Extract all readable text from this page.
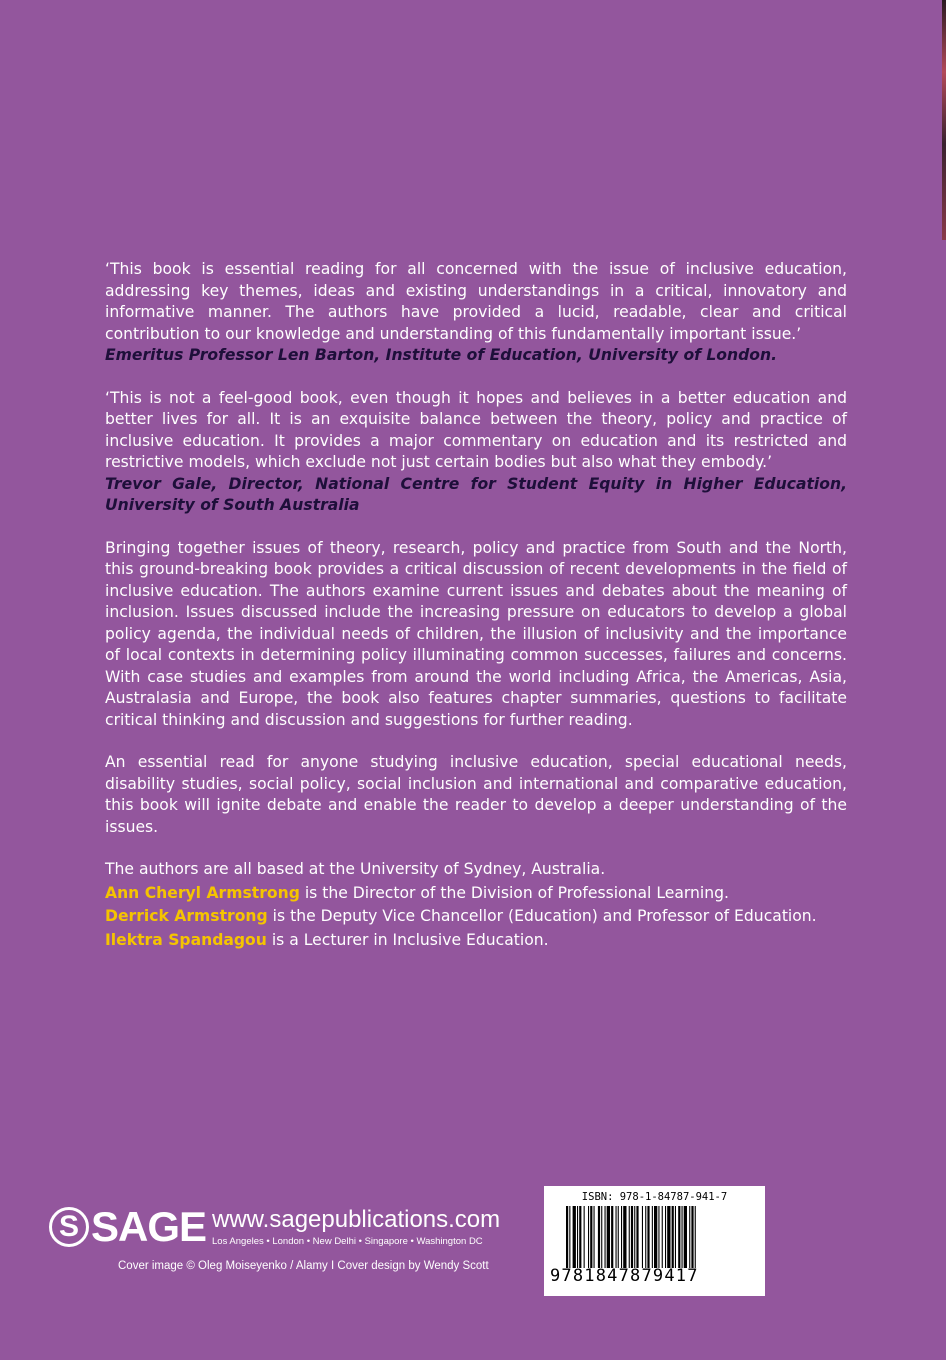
‘This book is essential reading for all concerned with the issue of inclusive education, addressing key themes, ideas and existing understandings in a critical, innovatory and informative manner. The authors have provided a lucid, readable, clear and critical contribution to our knowledge and understanding of this fundamentally important issue.’

Emeritus Professor Len Barton, Institute of Education, University of London.

‘This is not a feel-good book, even though it hopes and believes in a better education and better lives for all. It is an exquisite balance between the theory, policy and practice of inclusive education. It provides a major commentary on education and its restricted and restrictive models, which exclude not just certain bodies but also what they embody.’

Trevor Gale, Director, National Centre for Student Equity in Higher Education, University of South Australia

Bringing together issues of theory, research, policy and practice from South and the North, this ground-breaking book provides a critical discussion of recent developments in the field of inclusive education. The authors examine current issues and debates about the meaning of inclusion. Issues discussed include the increasing pressure on educators to develop a global policy agenda, the individual needs of children, the illusion of inclusivity and the importance of local contexts in determining policy illuminating common successes, failures and concerns. With case studies and examples from around the world including Africa, the Americas, Asia, Australasia and Europe, the book also features chapter summaries, questions to facilitate critical thinking and discussion and suggestions for further reading.

An essential read for anyone studying inclusive education, special educational needs, disability studies, social policy, social inclusion and international and comparative education, this book will ignite debate and enable the reader to develop a deeper understanding of the issues.

The authors are all based at the University of Sydney, Australia.

Ann Cheryl Armstrong is the Director of the Division of Professional Learning.

Derrick Armstrong is the Deputy Vice Chancellor (Education) and Professor of Education.

Ilektra Spandagou is a Lecturer in Inclusive Education.

S SAGE www.sagepublications.com
Los Angeles • London • New Delhi • Singapore • Washington DC
Cover image © Oleg Moiseyenko / Alamy I Cover design by Wendy Scott
ISBN: 978-1-84787-941-7
9781847879417
